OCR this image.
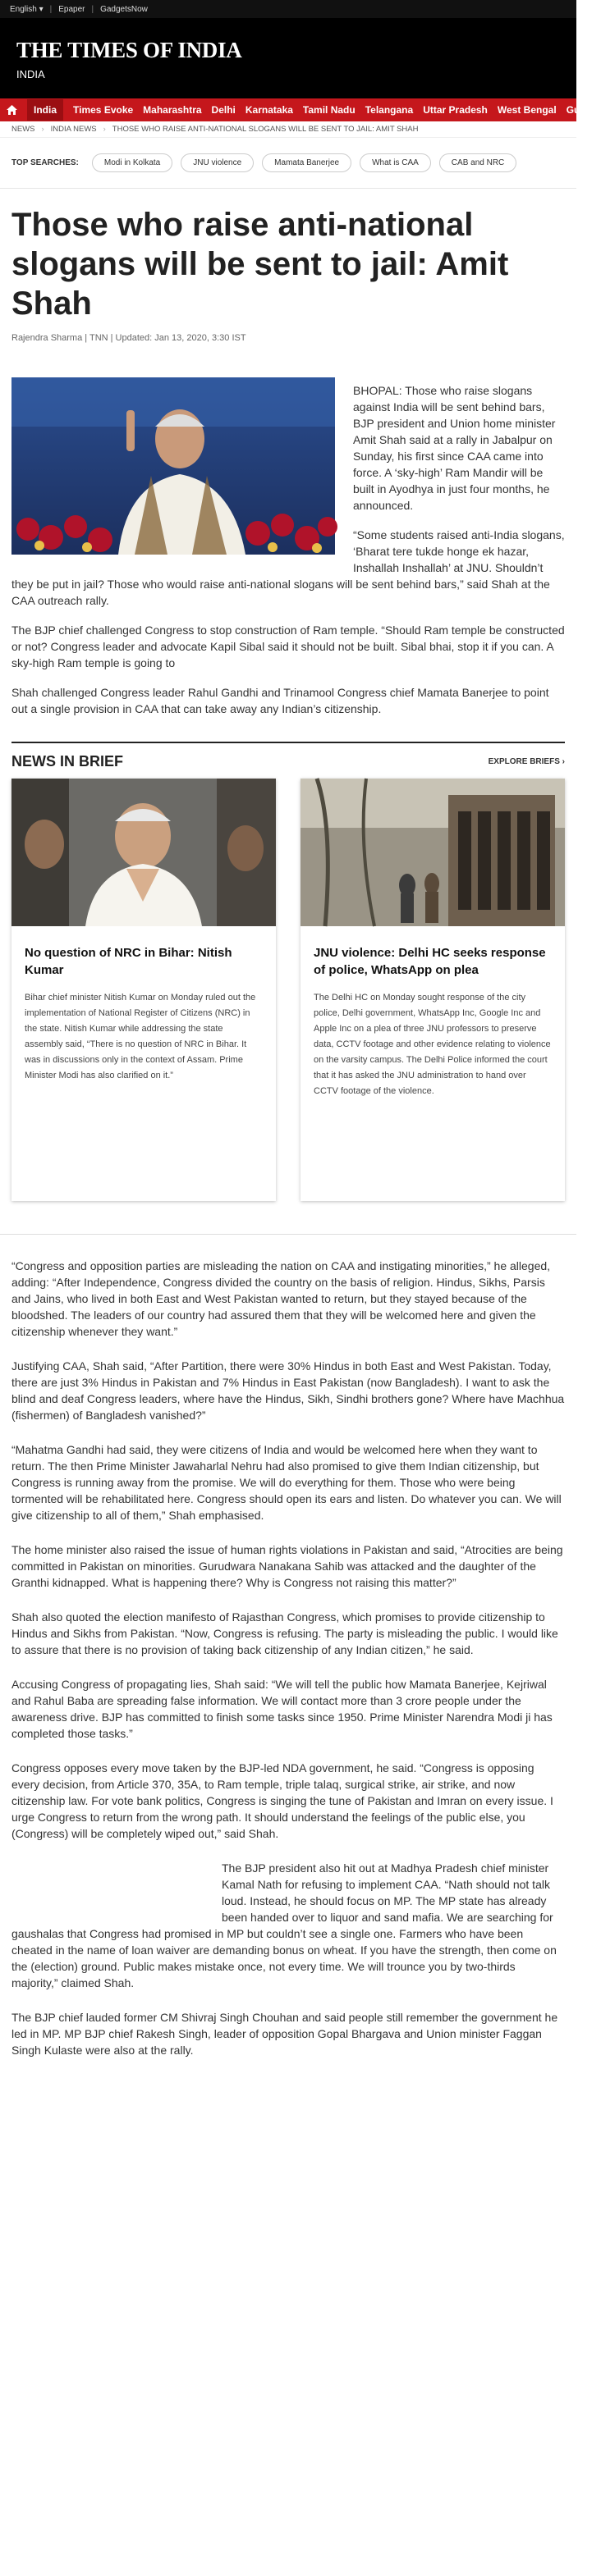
English ▾ | Epaper | GadgetsNow
THE TIMES OF INDIA
INDIA
India	Times Evoke Maharashtra Delhi Karnataka Tamil Nadu Telangana Uttar Pradesh West Bengal Gujarat
NEWS › INDIA NEWS › THOSE WHO RAISE ANTI-NATIONAL SLOGANS WILL BE SENT TO JAIL: AMIT SHAH
TOP SEARCHES:	Modi in Kolkata	JNU violence	Mamata Banerjee	What is CAA	CAB and NRC
Those who raise anti-national slogans will be sent to jail: Amit Shah
Rajendra Sharma | TNN | Updated: Jan 13, 2020, 3:30 IST

BHOPAL: Those who raise slogans against India will be sent behind bars, BJP president and Union home minister Amit Shah said at a rally in Jabalpur on Sunday, his first since CAA came into force. A ‘sky-high’ Ram Mandir will be built in Ayodhya in just four months, he announced.

“Some students raised anti-India slogans, ‘Bharat tere tukde honge ek hazar, Inshallah Inshallah’ at JNU. Shouldn’t they be put in jail? Those who would raise anti-national slogans will be sent behind bars,” said Shah at the CAA outreach rally.

The BJP chief challenged Congress to stop construction of Ram temple. “Should Ram temple be constructed or not? Congress leader and advocate Kapil Sibal said it should not be built. Sibal bhai, stop it if you can. A sky-high Ram temple is going to

Shah challenged Congress leader Rahul Gandhi and Trinamool Congress chief Mamata Banerjee to point out a single provision in CAA that can take away any Indian’s citizenship.

NEWS IN BRIEF	EXPLORE BRIEFS ›
No question of NRC in Bihar: Nitish Kumar
Bihar chief minister Nitish Kumar on Monday ruled out the implementation of National Register of Citizens (NRC) in the state. Nitish Kumar while addressing the state assembly said, “There is no question of NRC in Bihar. It was in discussions only in the context of Assam. Prime Minister Modi has also clarified on it.”
JNU violence: Delhi HC seeks response of police, WhatsApp on plea
The Delhi HC on Monday sought response of the city police, Delhi government, WhatsApp Inc, Google Inc and Apple Inc on a plea of three JNU professors to preserve data, CCTV footage and other evidence relating to violence on the varsity campus. The Delhi Police informed the court that it has asked the JNU administration to hand over CCTV footage of the violence.

“Congress and opposition parties are misleading the nation on CAA and instigating minorities,” he alleged, adding: “After Independence, Congress divided the country on the basis of religion. Hindus, Sikhs, Parsis and Jains, who lived in both East and West Pakistan wanted to return, but they stayed because of the bloodshed. The leaders of our country had assured them that they will be welcomed here and given the citizenship whenever they want.”

Justifying CAA, Shah said, “After Partition, there were 30% Hindus in both East and West Pakistan. Today, there are just 3% Hindus in Pakistan and 7% Hindus in East Pakistan (now Bangladesh). I want to ask the blind and deaf Congress leaders, where have the Hindus, Sikh, Sindhi brothers gone? Where have Machhua (fishermen) of Bangladesh vanished?”

“Mahatma Gandhi had said, they were citizens of India and would be welcomed here when they want to return. The then Prime Minister Jawaharlal Nehru had also promised to give them Indian citizenship, but Congress is running away from the promise. We will do everything for them. Those who were being tormented will be rehabilitated here. Congress should open its ears and listen. Do whatever you can. We will give citizenship to all of them,” Shah emphasised.

The home minister also raised the issue of human rights violations in Pakistan and said, “Atrocities are being committed in Pakistan on minorities. Gurudwara Nanakana Sahib was attacked and the daughter of the Granthi kidnapped. What is happening there? Why is Congress not raising this matter?”

Shah also quoted the election manifesto of Rajasthan Congress, which promises to provide citizenship to Hindus and Sikhs from Pakistan. “Now, Congress is refusing. The party is misleading the public. I would like to assure that there is no provision of taking back citizenship of any Indian citizen,” he said.

Accusing Congress of propagating lies, Shah said: “We will tell the public how Mamata Banerjee, Kejriwal and Rahul Baba are spreading false information. We will contact more than 3 crore people under the awareness drive. BJP has committed to finish some tasks since 1950. Prime Minister Narendra Modi ji has completed those tasks.”

Congress opposes every move taken by the BJP-led NDA government, he said. “Congress is opposing every decision, from Article 370, 35A, to Ram temple, triple talaq, surgical strike, air strike, and now citizenship law. For vote bank politics, Congress is singing the tune of Pakistan and Imran on every issue. I urge Congress to return from the wrong path. It should understand the feelings of the public else, you (Congress) will be completely wiped out,” said Shah.

The BJP president also hit out at Madhya Pradesh chief minister Kamal Nath for refusing to implement CAA. “Nath should not talk loud. Instead, he should focus on MP. The MP state has already been handed over to liquor and sand mafia. We are searching for

gaushalas that Congress had promised in MP but couldn’t see a single one. Farmers who have been cheated in the name of loan waiver are demanding bonus on wheat. If you have the strength, then come on the (election) ground. Public makes mistake once, not every time. We will trounce you by two-thirds majority,” claimed Shah.

The BJP chief lauded former CM Shivraj Singh Chouhan and said people still remember the government he led in MP. MP BJP chief Rakesh Singh, leader of opposition Gopal Bhargava and Union minister Faggan Singh Kulaste were also at the rally.
